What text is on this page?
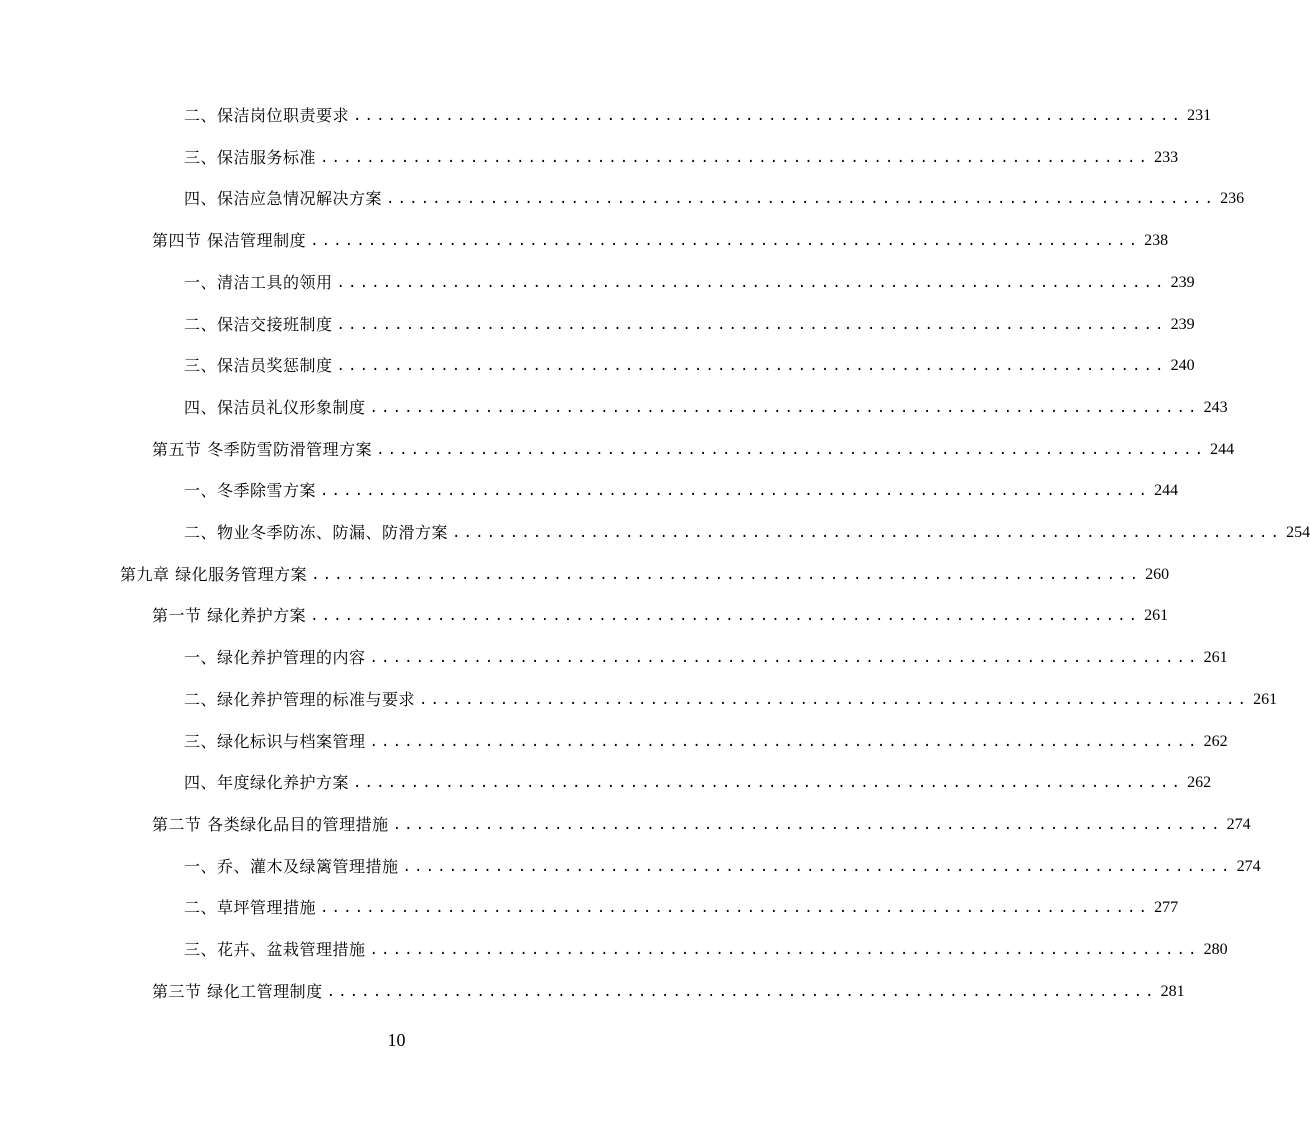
二、保洁岗位职责要求 ........................................................................ 231
三、保洁服务标准 ........................................................................ 233
四、保洁应急情况解决方案 ........................................................................ 236
第四节 保洁管理制度 ........................................................................ 238
一、清洁工具的领用 ........................................................................ 239
二、保洁交接班制度 ........................................................................ 239
三、保洁员奖惩制度 ........................................................................ 240
四、保洁员礼仪形象制度 ........................................................................ 243
第五节 冬季防雪防滑管理方案 ........................................................................ 244
一、冬季除雪方案 ........................................................................ 244
二、物业冬季防冻、防漏、防滑方案 ........................................................................ 254
第九章 绿化服务管理方案 ........................................................................ 260
第一节 绿化养护方案 ........................................................................ 261
一、绿化养护管理的内容 ........................................................................ 261
二、绿化养护管理的标准与要求 ........................................................................ 261
三、绿化标识与档案管理 ........................................................................ 262
四、年度绿化养护方案 ........................................................................ 262
第二节 各类绿化品目的管理措施 ........................................................................ 274
一、乔、灌木及绿篱管理措施 ........................................................................ 274
二、草坪管理措施 ........................................................................ 277
三、花卉、盆栽管理措施 ........................................................................ 280
第三节 绿化工管理制度 ........................................................................ 281
10
